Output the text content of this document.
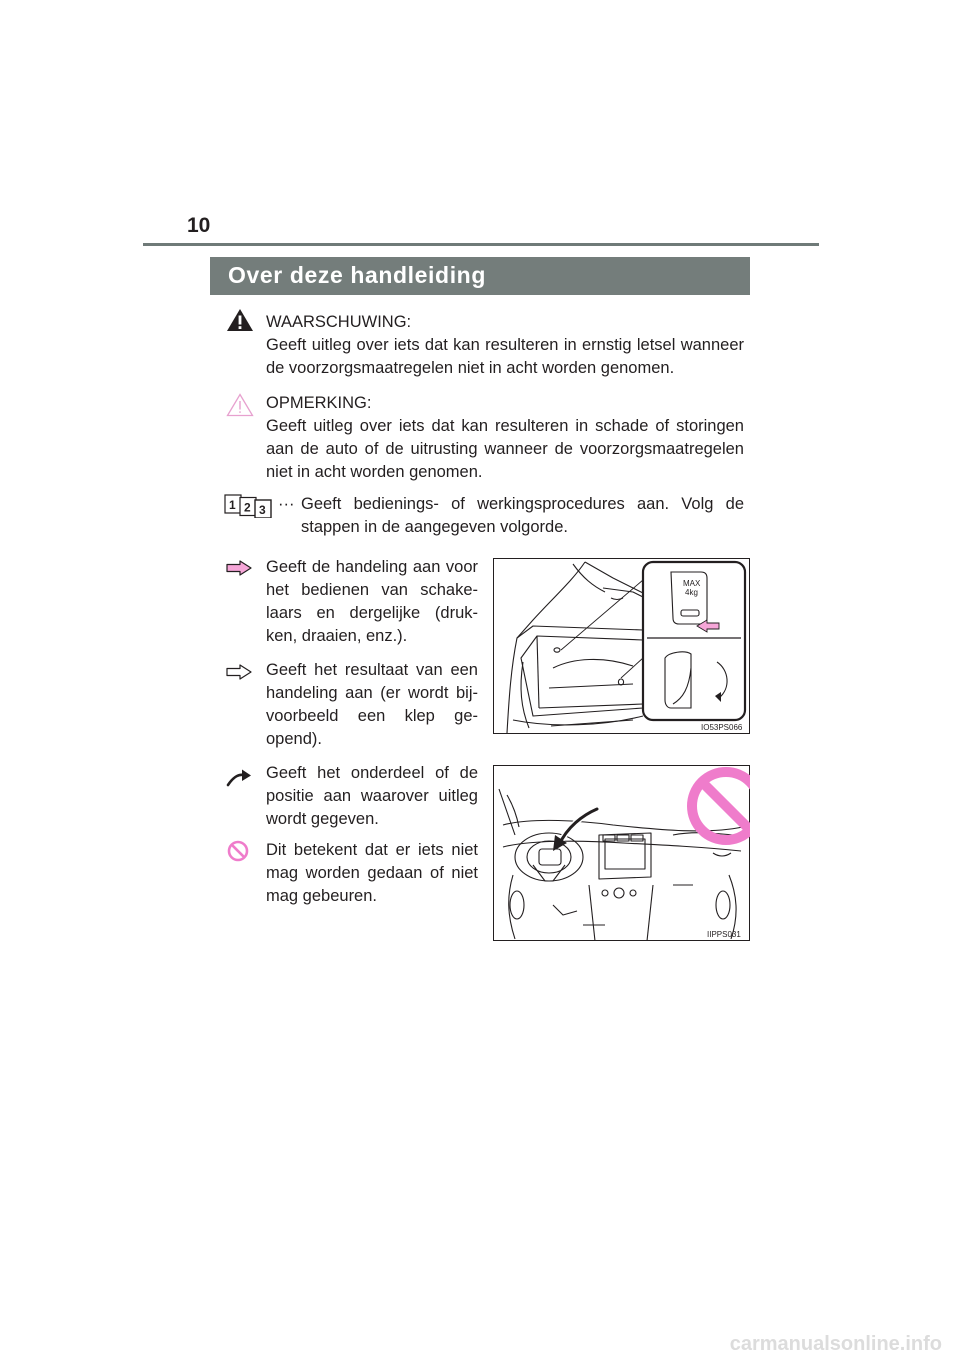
10
Over deze handleiding

WAARSCHUWING:

Geeft uitleg over iets dat kan resulteren in ernstig letsel wanneer de voorzorgsmaatregelen niet in acht worden genomen.

OPMERKING:

Geeft uitleg over iets dat kan resulteren in schade of storingen aan de auto of de uitrusting wanneer de voorzorgsmaatregelen niet in acht worden genomen.

1 2 3 ··· Geeft bedienings- of werkingsprocedures aan. Volg de stappen in de aangegeven volgorde.
Geeft de handeling aan voor het bedienen van schake-laars en dergelijke (druk-ken, draaien, enz.).
Geeft het resultaat van een handeling aan (er wordt bij-voorbeeld een klep ge-opend).
Geeft het onderdeel of de positie aan waarover uitleg wordt gegeven.
Dit betekent dat er iets niet mag worden gedaan of niet mag gebeuren.
MAX
4kg
IO53PS066
IIPPS031
carmanualsonline.info
